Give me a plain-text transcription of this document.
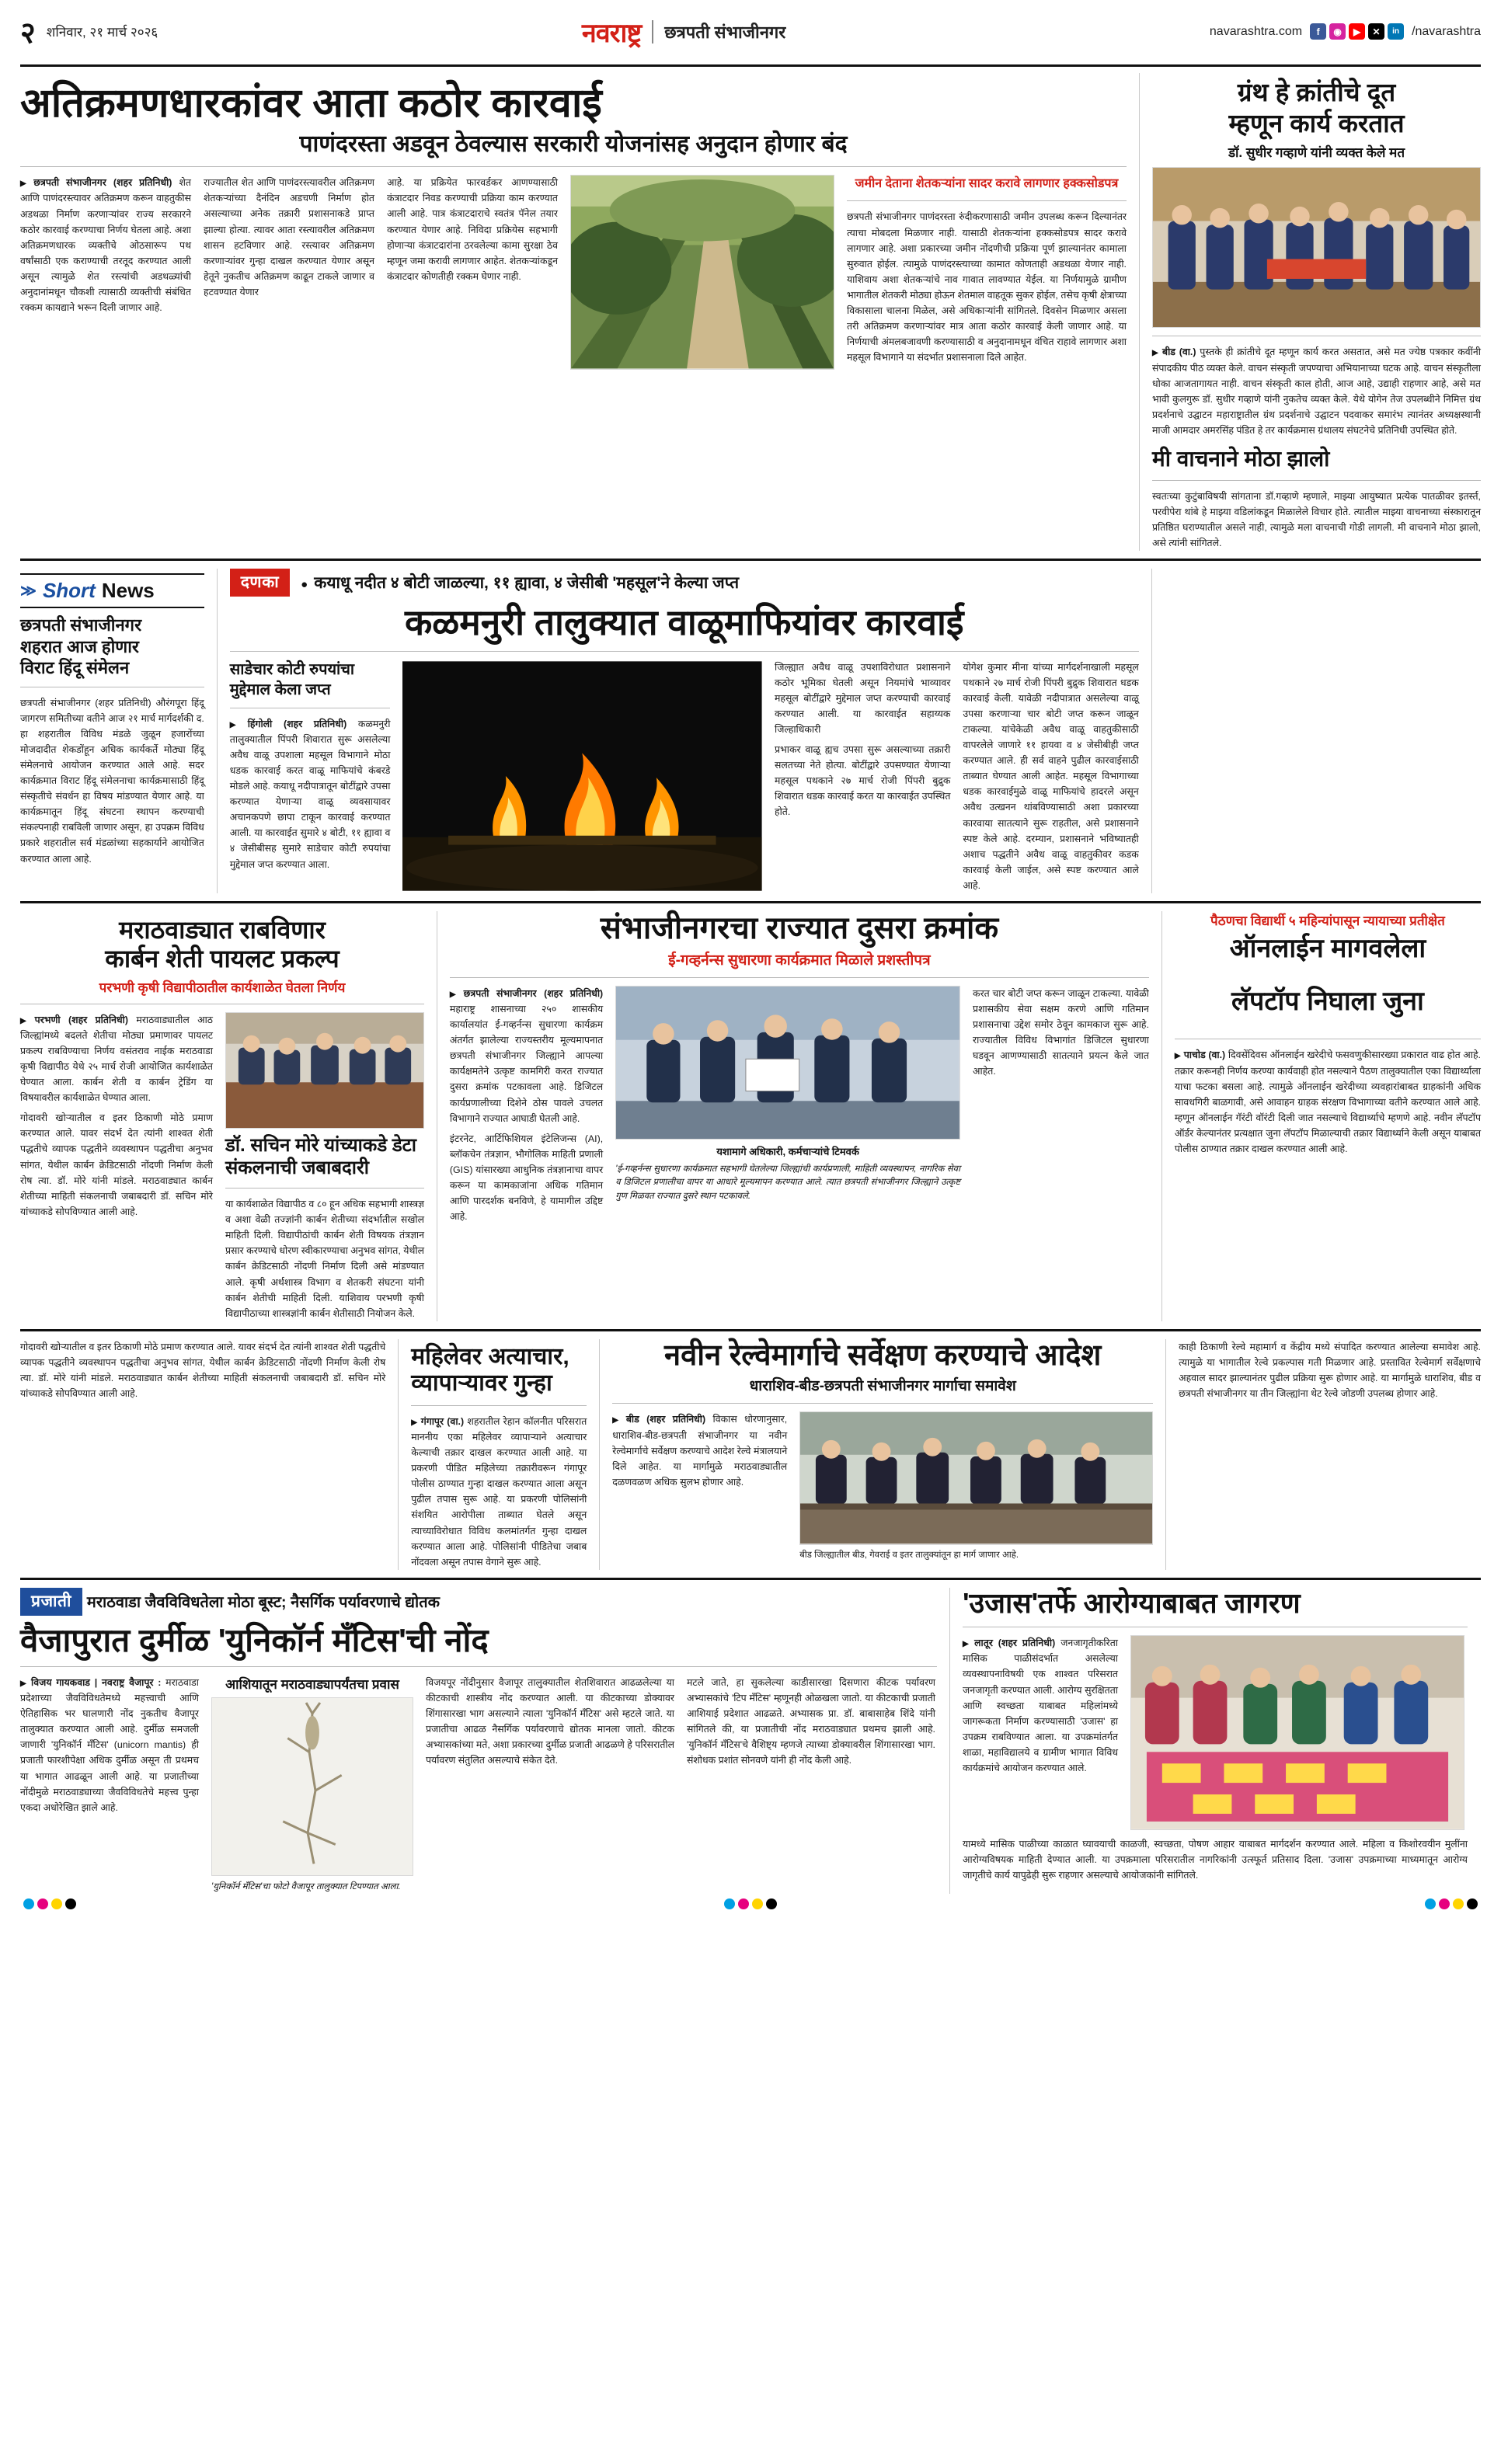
२ शनिवार, २१ मार्च २०२६	नवराष्ट्र छत्रपती संभाजीनगर	navarashtra.com	f	◉	▶	✕	in	/navarashtra
अतिक्रमणधारकांवर आता कठोर कारवाई
पाणंदरस्ता अडवून ठेवल्यास सरकारी योजनांसह अनुदान होणार बंद
▶ छत्रपती संभाजीनगर (शहर प्रतिनिधी) शेत आणि पाणंदरस्त्यावर अतिक्रमण करून वाहतुकीस अडथळा निर्माण करणाऱ्यांवर राज्य सरकारने कठोर कारवाई करण्याचा निर्णय घेतला आहे. अशा अतिक्रमणधारक व्यक्तीचे ओठसारूप पथ वर्षांसाठी एक कराण्याची तरतूद करण्यात आली असून त्यामुळे शेत रस्त्यांची अडथळ्यांची अनुदानांमधून चौकशी त्यासाठी व्यक्तीची संबंधित रक्कम कायद्याने भरून दिली जाणार आहे.
राज्यातील शेत आणि पाणंदरस्त्यावरील अतिक्रमण शेतकऱ्यांच्या दैनंदिन अडचणी निर्माण होत असल्याच्या अनेक तक्रारी प्रशासनाकडे प्राप्त झाल्या होत्या. त्यावर आता रस्त्यावरील अतिक्रमण शासन हटविणार आहे. रस्त्यावर अतिक्रमण करणाऱ्यांवर गुन्हा दाखल करण्यात येणार असून हेतूने नुकतीच अतिक्रमण काढून टाकले जाणार व हटवण्यात येणार
आहे. या प्रक्रियेत फारवर्डकर आणण्यासाठी कंत्राटदार निवड करण्याची प्रक्रिया काम करण्यात आली आहे. पात्र कंत्राटदाराचे स्वतंत्र पॅनेल तयार करण्यात येणार आहे. निविदा प्रक्रियेस सहभागी होणाऱ्या कंत्राटदारांना ठरवलेल्या कामा सुरक्षा ठेव म्हणून जमा करावी लागणार आहेत. शेतकऱ्यांकडून कंत्राटदार कोणतीही रक्कम घेणार नाही.
जमीन देताना शेतकऱ्यांना सादर करावे लागणार हक्कसोडपत्र
छत्रपती संभाजीनगर पाणंदरस्ता रुंदीकरणासाठी जमीन उपलब्ध करून दिल्यानंतर त्याचा मोबदला मिळणार नाही. यासाठी शेतकऱ्यांना हक्कसोडपत्र सादर करावे लागणार आहे. अशा प्रकारच्या जमीन नोंदणीची प्रक्रिया पूर्ण झाल्यानंतर कामाला सुरुवात होईल. त्यामुळे पाणंदरस्त्याच्या कामात कोणताही अडथळा येणार नाही. याशिवाय अशा शेतकऱ्यांचे नाव गावात लावण्यात येईल. या निर्णयामुळे ग्रामीण भागातील शेतकरी मोठ्या होऊन शेतमाल वाहतूक सुकर होईल, तसेच कृषी क्षेत्राच्या विकासाला चालना मिळेल, असे अधिकाऱ्यांनी सांगितले. दिवसेन मिळणार असला तरी अतिक्रमण करणाऱ्यांवर मात्र आता कठोर कारवाई केली जाणार आहे. या निर्णयाची अंमलबजावणी करण्यासाठी व अनुदानामधून वंचित राहावे लागणार अशा महसूल विभागाने या संदर्भात प्रशासनाला दिले आहेत.
ग्रंथ हे क्रांतीचे दूत
म्हणून कार्य करतात
डॉ. सुधीर गव्हाणे यांनी व्यक्त केले मत
▶ बीड (वा.) पुस्तके ही क्रांतीचे दूत म्हणून कार्य करत असतात, असे मत ज्येष्ठ पत्रकार कवींनी संपादकीय पीठ व्यक्त केले. वाचन संस्कृती जपण्याचा अभियानाच्या घटक आहे. वाचन संस्कृतीला धोका आजतागायत नाही. वाचन संस्कृती काल होती, आज आहे, उद्याही राहणार आहे, असे मत भावी कुलगुरू डॉ. सुधीर गव्हाणे यांनी नुकतेच व्यक्त केले. येथे योगेन तेज उपलब्धीने निमित्त ग्रंथ प्रदर्शनाचे उद्घाटन महाराष्ट्रातील ग्रंथ प्रदर्शनाचे उद्घाटन पदवाकर समारंभ त्यानंतर अध्यक्षस्थानी माजी आमदार अमरसिंह पंडित हे तर कार्यक्रमास ग्रंथालय संघटनेचे प्रतिनिधी उपस्थित होते.
मी वाचनाने मोठा झालो
स्वतःच्या कुटुंबाविषयी सांगताना डॉ.गव्हाणे म्हणाले, माझ्या आयुष्यात प्रत्येक पातळीवर इतर्स्त, परवीपेरा थांबे हे माझ्या वडिलांकडून मिळालेले विचार होते. त्यातील माझ्या वाचनाच्या संस्कारातून प्रतिष्ठित घराण्यातील असले नाही, त्यामुळे मला वाचनाची गोडी लागली. मी वाचनाने मोठा झालो, असे त्यांनी सांगितले.
≫ Short News
छत्रपती संभाजीनगर
शहरात आज होणार
विराट हिंदू संमेलन
छत्रपती संभाजीनगर (शहर प्रतिनिधी) औरंगपूरा हिंदू जागरण समितीच्या वतीने आज २१ मार्च मार्गदर्शकी द. हा शहरातील विविध मंडळे जुळून हजारोंच्या मोजदादीत शेकडोंहून अधिक कार्यकर्ते मोठ्या हिंदू संमेलनाचे आयोजन करण्यात आले आहे. सदर कार्यक्रमात विराट हिंदू संमेलनाचा कार्यक्रमासाठी हिंदू संस्कृतीचे संवर्धन हा विषय मांडण्यात येणार आहे. या कार्यक्रमातून हिंदू संघटना स्थापन करण्याची संकल्पनाही राबविली जाणार असून, हा उपक्रम विविध प्रकारे शहरातील सर्व मंडळांच्या सहकार्याने आयोजित करण्यात आला आहे.
दणका	● कयाधू नदीत ४ बोटी जाळल्या, ११ ह्यावा, ४ जेसीबी 'महसूल'ने केल्या जप्त
कळमनुरी तालुक्यात वाळूमाफियांवर कारवाई
साडेचार कोटी रुपयांचा
मुद्देमाल केला जप्त
▶ हिंगोली (शहर प्रतिनिधी) कळमनुरी तालुक्यातील पिंपरी शिवारात सुरू असलेल्या अवैध वाळू उपशाला महसूल विभागाने मोठा धडक कारवाई करत वाळू माफियांचे कंबरडे मोडले आहे. कयाधू नदीपात्रातून बोटींद्वारे उपसा करण्यात येणाऱ्या वाळू व्यवसायावर अचानकपणे छापा टाकून कारवाई करण्यात आली. या कारवाईत सुमारे ४ बोटी, ११ ह्यावा व ४ जेसीबीसह सुमारे साडेचार कोटी रुपयांचा मुद्देमाल जप्त करण्यात आला.
जिल्ह्यात अवैध वाळू उपशाविरोधात प्रशासनाने कठोर भूमिका घेतली असून नियमांचे भाव्यावर महसूल बोटींद्वारे मुद्देमाल जप्त करण्याची कारवाई करण्यात आली. या कारवाईत सहाय्यक जिल्हाधिकारी
प्रभाकर वाळू ह्यच उपसा सुरू असल्याच्या तक्रारी सलतच्या नेते होत्या. बोटींद्वारे उपसण्यात येणाऱ्या महसूल पथकाने २७ मार्च रोजी पिंपरी बुद्रुक शिवारात धडक कारवाई करत या कारवाईत उपस्थित होते.
योगेश कुमार मीना यांच्या मार्गदर्शनाखाली महसूल पथकाने २७ मार्च रोजी पिंपरी बुद्रुक शिवारात धडक कारवाई केली. यावेळी नदीपात्रात असलेल्या वाळू उपसा करणाऱ्या चार बोटी जप्त करून जाळून टाकल्या. यांचेकेळी अवैध वाळू वाहतुकीसाठी वापरलेले जाणारे ११ हायवा व ४ जेसीबीही जप्त करण्यात आले. ही सर्व वाहने पुढील कारवाईसाठी ताब्यात घेण्यात आली आहेत. महसूल विभागाच्या धडक कारवाईमुळे वाळू माफियांचे हादरले असून अवैध उत्खनन थांबविण्यासाठी अशा प्रकारच्या कारवाया सातत्याने सुरू राहतील, असे प्रशासनाने स्पष्ट केले आहे. दरम्यान, प्रशासनाने भविष्यातही अशाच पद्धतीने अवैध वाळू वाहतुकीवर कडक कारवाई केली जाईल, असे स्पष्ट करण्यात आले आहे.
मराठवाड्यात राबविणार
कार्बन शेती पायलट प्रकल्प
परभणी कृषी विद्यापीठातील कार्यशाळेत घेतला निर्णय
▶ परभणी (शहर प्रतिनिधी) मराठवाड्यातील आठ जिल्ह्यांमध्ये बदलते शेतीचा मोठ्या प्रमाणावर पायलट प्रकल्प राबविण्याचा निर्णय वसंतराव नाईक मराठवाडा कृषी विद्यापीठ येथे २५ मार्च रोजी आयोजित कार्यशाळेत घेण्यात आला. कार्बन शेती व कार्बन ट्रेडिंग या विषयावरील कार्यशाळेत घेण्यात आला.
गोदावरी खोऱ्यातील व इतर ठिकाणी मोठे प्रमाण करण्यात आले. यावर संदर्भ देत त्यांनी शाश्वत शेती पद्धतीचे व्यापक पद्धतीने व्यवस्थापन पद्धतीचा अनुभव सांगत, येथील कार्बन क्रेडिटसाठी नोंदणी निर्माण केली रोष त्या. डॉ. मोरे यांनी मांडले. मराठवाड्यात कार्बन शेतीच्या माहिती संकलनाची जबाबदारी डॉ. सचिन मोरे यांच्याकडे सोपविण्यात आली आहे.
डॉ. सचिन मोरे यांच्याकडे डेटा संकलनाची जबाबदारी
या कार्यशाळेत विद्यापीठ व ८० हून अधिक सहभागी शास्त्रज्ञ व अशा वेळी तज्ज्ञांनी कार्बन शेतीच्या संदर्भातील सखोल माहिती दिली. विद्यापीठांची कार्बन शेती विषयक तंत्रज्ञान प्रसार करण्याचे धोरण स्वीकारण्याचा अनुभव सांगत, येथील कार्बन क्रेडिटसाठी नोंदणी निर्माण दिली असे मांडण्यात आले. कृषी अर्थशास्त्र विभाग व शेतकरी संघटना यांनी कार्बन शेतीची माहिती दिली. याशिवाय परभणी कृषी विद्यापीठाच्या शास्त्रज्ञांनी कार्बन शेतीसाठी नियोजन केले.
संभाजीनगरचा राज्यात दुसरा क्रमांक
ई-गव्हर्नन्स सुधारणा कार्यक्रमात मिळाले प्रशस्तीपत्र
▶ छत्रपती संभाजीनगर (शहर प्रतिनिधी) महाराष्ट्र शासनाच्या २५० शासकीय कार्यालयांत ई-गव्हर्नन्स सुधारणा कार्यक्रम अंतर्गत झालेल्या राज्यस्तरीय मूल्यमापनात छत्रपती संभाजीनगर जिल्ह्याने आपल्या कार्यक्षमतेने उत्कृष्ट कामगिरी करत राज्यात दुसरा क्रमांक पटकावला आहे. डिजिटल कार्यप्रणालीच्या दिशेने ठोस पावले उचलत विभागाने राज्यात आघाडी घेतली आहे.
इंटरनेट, आर्टिफिशियल इंटेलिजन्स (AI), ब्लॉकचेन तंत्रज्ञान, भौगोलिक माहिती प्रणाली (GIS) यांसारख्या आधुनिक तंत्रज्ञानाचा वापर करून या कामकाजांना अधिक गतिमान आणि पारदर्शक बनविणे, हे यामागील उद्दिष्ट आहे.
यशामागे अधिकारी, कर्मचाऱ्यांचे टिमवर्क
'ई-गव्हर्नन्स सुधारणा कार्यक्रमात सहभागी घेतलेल्या जिल्ह्यांची कार्यप्रणाली, माहिती व्यवस्थापन, नागरिक सेवा व डिजिटल प्रणालीचा वापर या आधारे मूल्यमापन करण्यात आले. त्यात छत्रपती संभाजीनगर जिल्ह्याने उत्कृष्ट गुण मिळवत राज्यात दुसरे स्थान पटकावले.
करत चार बोटी जप्त करून जाळून टाकल्या. यावेळी प्रशासकीय सेवा सक्षम करणे आणि गतिमान प्रशासनाचा उद्देश समोर ठेवून कामकाज सुरू आहे. राज्यातील विविध विभागांत डिजिटल सुधारणा घडवून आणण्यासाठी सातत्याने प्रयत्न केले जात आहेत.
पैठणचा विद्यार्थी ५ महिन्यांपासून न्यायाच्या प्रतीक्षेत
ऑनलाईन मागवलेला
लॅपटॉप निघाला जुना
▶ पाचोड (वा.) दिवसेंदिवस ऑनलाईन खरेदीचे फसवणुकीसारख्या प्रकारात वाढ होत आहे. तक्रार करूनही निर्णय करण्या कार्यवाही होत नसल्याने पैठण तालुक्यातील एका विद्यार्थ्याला याचा फटका बसला आहे. त्यामुळे ऑनलाईन खरेदीच्या व्यवहारांबाबत ग्राहकांनी अधिक सावधगिरी बाळगावी, असे आवाहन ग्राहक संरक्षण विभागाच्या वतीने करण्यात आले आहे. म्हणून ऑनलाईन गॅरंटी वॉरंटी दिली जात नसल्याचे विद्यार्थ्याचे म्हणणे आहे. नवीन लॅपटॉप ऑर्डर केल्यानंतर प्रत्यक्षात जुना लॅपटॉप मिळाल्याची तक्रार विद्यार्थ्याने केली असून याबाबत पोलीस ठाण्यात तक्रार दाखल करण्यात आली आहे.
गोदावरी खोऱ्यातील व इतर ठिकाणी मोठे प्रमाण करण्यात आले. यावर संदर्भ देत त्यांनी शाश्वत शेती पद्धतीचे व्यापक पद्धतीने व्यवस्थापन पद्धतीचा अनुभव सांगत, येथील कार्बन क्रेडिटसाठी नोंदणी निर्माण केली रोष त्या. डॉ. मोरे यांनी मांडले. मराठवाड्यात कार्बन शेतीच्या माहिती संकलनाची जबाबदारी डॉ. सचिन मोरे यांच्याकडे सोपविण्यात आली आहे.
महिलेवर अत्याचार,
व्यापाऱ्यावर गुन्हा
▶ गंगापूर (वा.) शहरातील रेहान कॉलनीत परिसरात माननीय एका महिलेवर व्यापाऱ्याने अत्याचार केल्याची तक्रार दाखल करण्यात आली आहे. या प्रकरणी पीडित महिलेच्या तक्रारीवरून गंगापूर पोलीस ठाण्यात गुन्हा दाखल करण्यात आला असून पुढील तपास सुरू आहे. या प्रकरणी पोलिसांनी संशयित आरोपीला ताब्यात घेतले असून त्याच्याविरोधात विविध कलमांतर्गत गुन्हा दाखल करण्यात आला आहे. पोलिसांनी पीडितेचा जबाब नोंदवला असून तपास वेगाने सुरू आहे.
नवीन रेल्वेमार्गाचे सर्वेक्षण करण्याचे आदेश
धाराशिव-बीड-छत्रपती संभाजीनगर मार्गाचा समावेश
▶ बीड (शहर प्रतिनिधी) विकास धोरणानुसार, धाराशिव-बीड-छत्रपती संभाजीनगर या नवीन रेल्वेमार्गाचे सर्वेक्षण करण्याचे आदेश रेल्वे मंत्रालयाने दिले आहेत. या मार्गामुळे मराठवाड्यातील दळणवळण अधिक सुलभ होणार आहे.
बीड जिल्ह्यातील बीड, गेवराई व इतर तालुक्यांतून हा मार्ग जाणार आहे.
काही ठिकाणी रेल्वे महामार्ग व केंद्रीय मध्ये संपादित करण्यात आलेल्या समावेश आहे. त्यामुळे या भागातील रेल्वे प्रकल्पास गती मिळणार आहे. प्रस्तावित रेल्वेमार्ग सर्वेक्षणाचे अहवाल सादर झाल्यानंतर पुढील प्रक्रिया सुरू होणार आहे. या मार्गामुळे धाराशिव, बीड व छत्रपती संभाजीनगर या तीन जिल्ह्यांना थेट रेल्वे जोडणी उपलब्ध होणार आहे.
प्रजाती	मराठवाडा जैवविविधतेला मोठा बूस्ट; नैसर्गिक पर्यावरणाचे द्योतक
वैजापुरात दुर्मीळ 'युनिकॉर्न मँटिस'ची नोंद
▶ विजय गायकवाड | नवराष्ट्र वैजापूर : मराठवाडा प्रदेशाच्या जैवविविधतेमध्ये महत्त्वाची आणि ऐतिहासिक भर घालणारी नोंद नुकतीच वैजापूर तालुक्यात करण्यात आली आहे. दुर्मीळ समजली जाणारी 'युनिकॉर्न मँटिस' (unicorn mantis) ही प्रजाती फारशीपेक्षा अधिक दुर्मीळ असून ती प्रथमच या भागात आढळून आली आहे. या प्रजातीच्या नोंदीमुळे मराठवाड्याच्या जैवविविधतेचे महत्त्व पुन्हा एकदा अधोरेखित झाले आहे.
आशियातून मराठवाड्यापर्यंतचा प्रवास
'युनिकॉर्न मँटिस'चा फोटो वैजापूर तालुक्यात टिपण्यात आला.
विजयपूर नोंदीनुसार वैजापूर तालुक्यातील शेतशिवारात आढळलेल्या या कीटकाची शास्त्रीय नोंद करण्यात आली. या कीटकाच्या डोक्यावर शिंगासारखा भाग असल्याने त्याला 'युनिकॉर्न मँटिस' असे म्हटले जाते. या प्रजातीचा आढळ नैसर्गिक पर्यावरणाचे द्योतक मानला जातो. कीटक अभ्यासकांच्या मते, अशा प्रकारच्या दुर्मीळ प्रजाती आढळणे हे परिसरातील पर्यावरण संतुलित असल्याचे संकेत देते.
मटले जाते, हा सुकलेल्या काडीसारखा दिसणारा कीटक पर्यावरण अभ्यासकांचे 'टिप मँटिस' म्हणूनही ओळखला जातो. या कीटकाची प्रजाती आशियाई प्रदेशात आढळते. अभ्यासक प्रा. डॉ. बाबासाहेब शिंदे यांनी सांगितले की, या प्रजातीची नोंद मराठवाड्यात प्रथमच झाली आहे. 'युनिकॉर्न मँटिस'चे वैशिष्ट्य म्हणजे त्याच्या डोक्यावरील शिंगासारखा भाग. संशोधक प्रशांत सोनवणे यांनी ही नोंद केली आहे.
'उजास'तर्फे आरोग्याबाबत जागरण
▶ लातूर (शहर प्रतिनिधी) जनजागृतीकरिता मासिक पाळीसंदर्भात असलेल्या व्यवस्थापनाविषयी एक शाश्वत परिसरात जनजागृती करण्यात आली. आरोग्य सुरक्षितता आणि स्वच्छता याबाबत महिलांमध्ये जागरूकता निर्माण करण्यासाठी 'उजास' हा उपक्रम राबविण्यात आला. या उपक्रमांतर्गत शाळा, महाविद्यालये व ग्रामीण भागात विविध कार्यक्रमांचे आयोजन करण्यात आले.
यामध्ये मासिक पाळीच्या काळात घ्यावयाची काळजी, स्वच्छता, पोषण आहार याबाबत मार्गदर्शन करण्यात आले. महिला व किशोरवयीन मुलींना आरोग्यविषयक माहिती देण्यात आली. या उपक्रमाला परिसरातील नागरिकांनी उत्स्फूर्त प्रतिसाद दिला. 'उजास' उपक्रमाच्या माध्यमातून आरोग्य जागृतीचे कार्य यापुढेही सुरू राहणार असल्याचे आयोजकांनी सांगितले.
